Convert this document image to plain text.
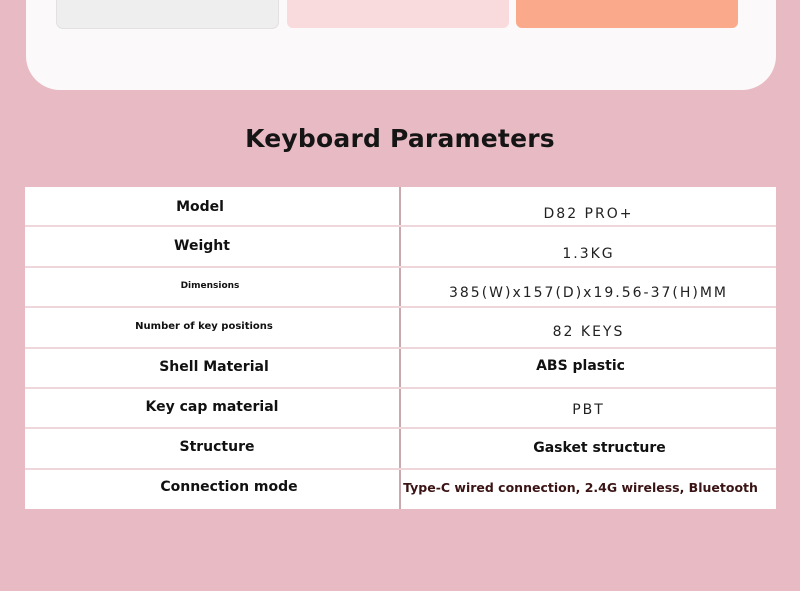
Keyboard Parameters
Model	D82 PRO+
Weight	1.3KG
Dimensions	385(W)x157(D)x19.56-37(H)MM
Number of key positions	82 KEYS
Shell Material	ABS plastic
Key cap material	PBT
Structure	Gasket structure
Connection mode	Type-C wired connection, 2.4G wireless, Bluetooth
